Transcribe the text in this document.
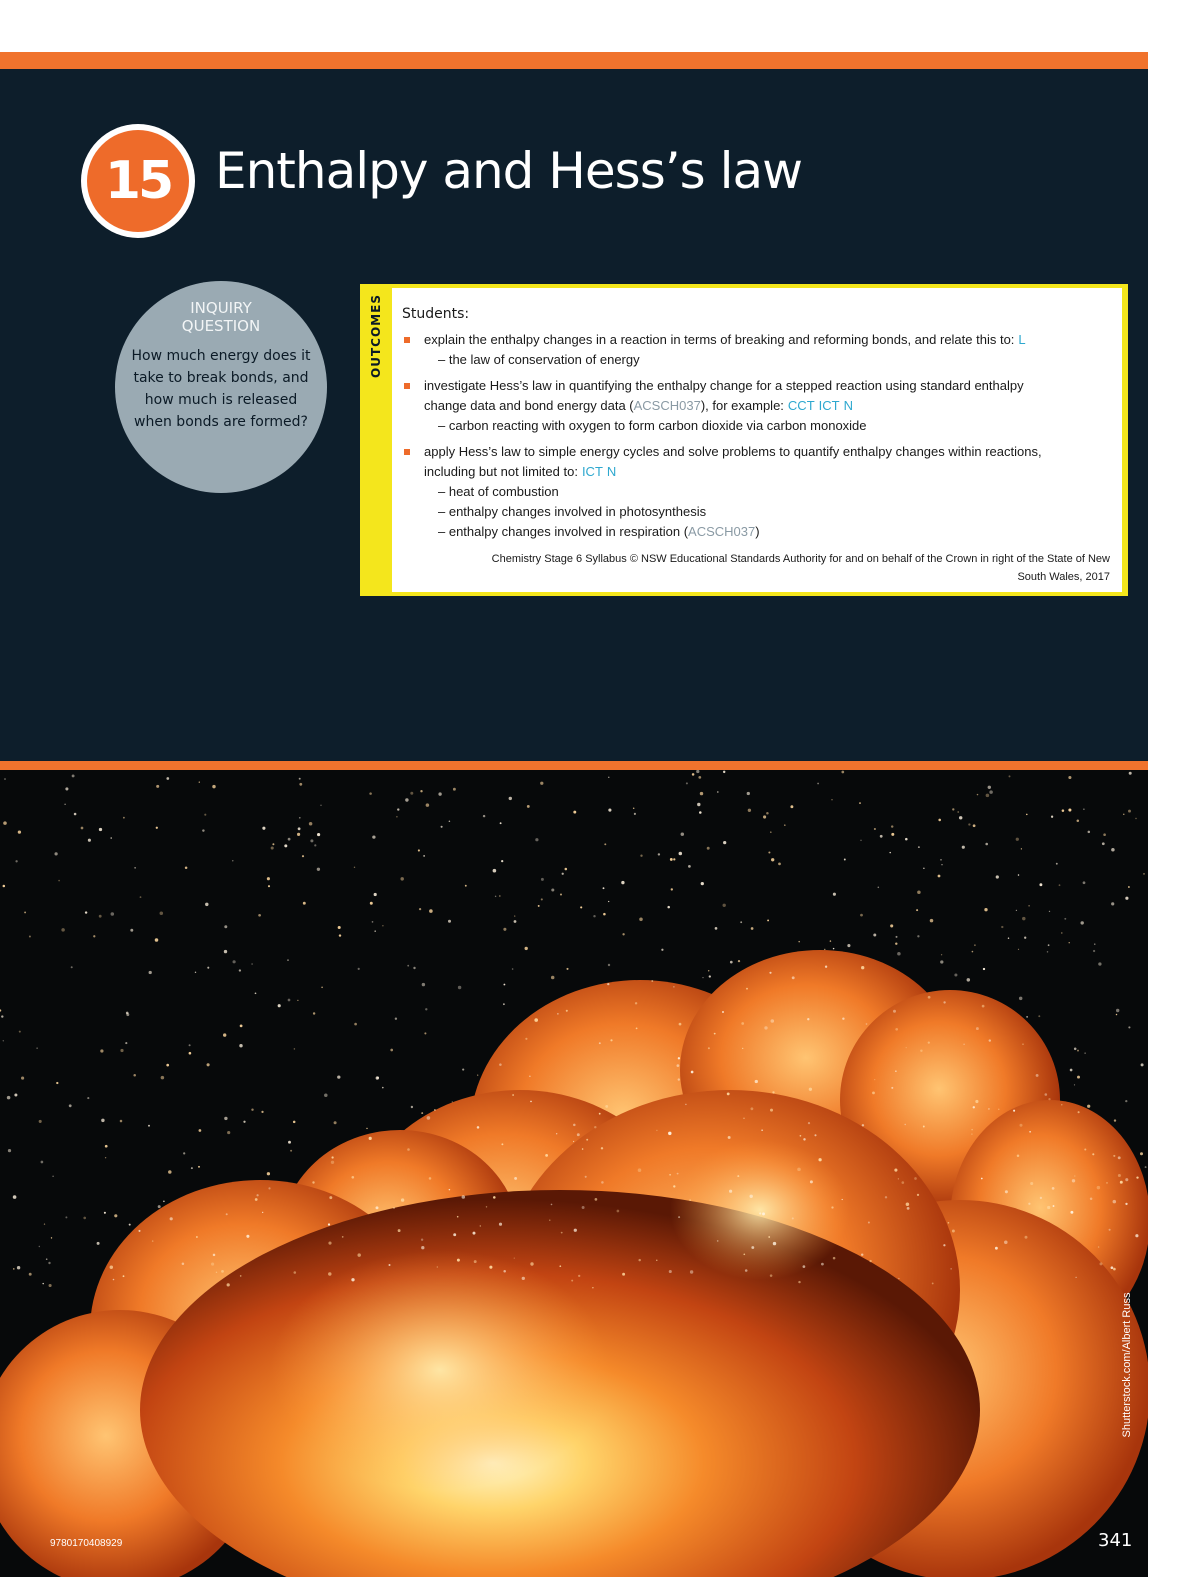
15 Enthalpy and Hess’s law
INQUIRY
QUESTION
How much energy does it take to break bonds, and how much is released when bonds are formed?
OUTCOMES Students:
explain the enthalpy changes in a reaction in terms of breaking and reforming bonds, and relate this to: L
– the law of conservation of energy
investigate Hess’s law in quantifying the enthalpy change for a stepped reaction using standard enthalpy
change data and bond energy data (ACSCH037), for example: CCT ICT N
– carbon reacting with oxygen to form carbon dioxide via carbon monoxide
apply Hess’s law to simple energy cycles and solve problems to quantify enthalpy changes within reactions,
including but not limited to: ICT N
– heat of combustion
– enthalpy changes involved in photosynthesis
– enthalpy changes involved in respiration (ACSCH037)
Chemistry Stage 6 Syllabus © NSW Educational Standards Authority for and on behalf of the Crown in right of the State of New
South Wales, 2017
Shutterstock.com/Albert Russ
9780170408929	341
